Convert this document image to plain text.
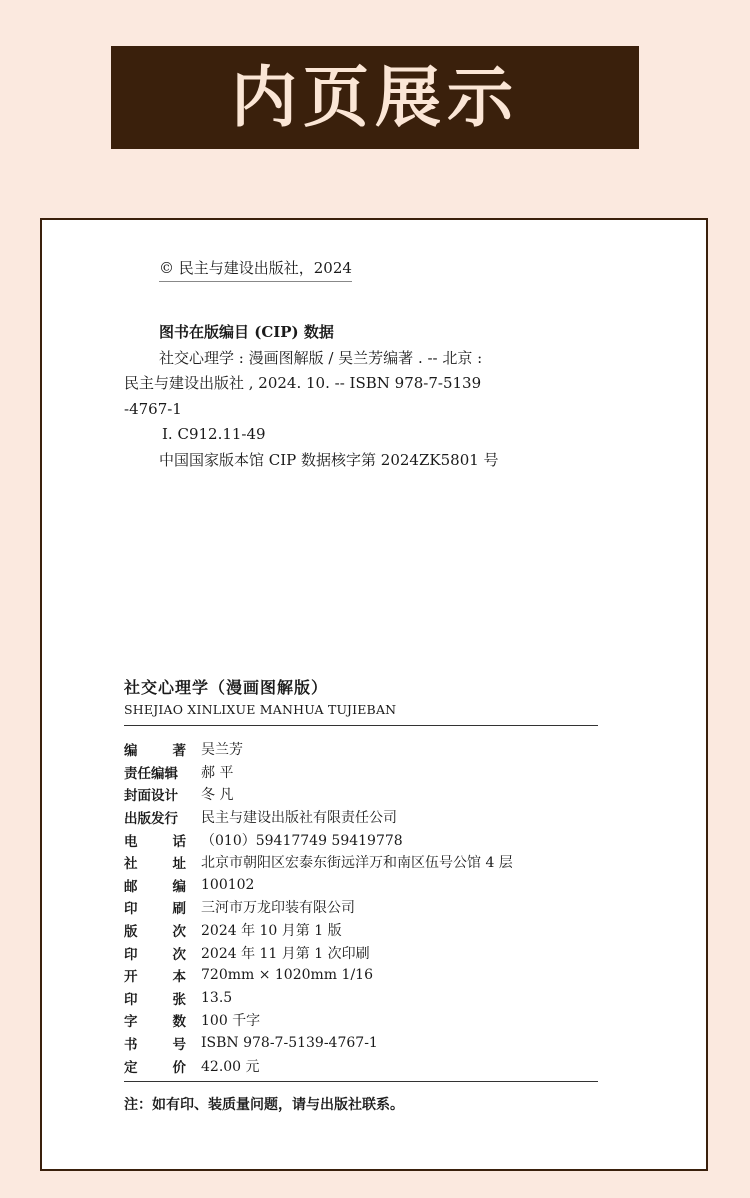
内页展示
© 民主与建设出版社，2024
图书在版编目 (CIP) 数据
社交心理学 : 漫画图解版 / 吴兰芳编著 . -- 北京 :
民主与建设出版社 , 2024. 10. -- ISBN 978-7-5139
-4767-1
Ⅰ. C912.11-49
中国国家版本馆 CIP 数据核字第 2024ZK5801 号
社交心理学（漫画图解版）
SHEJIAO XINLIXUE MANHUA TUJIEBAN
编	著	吴兰芳
责任编辑	郝 平
封面设计	冬 凡
出版发行	民主与建设出版社有限责任公司
电	话	（010）59417749 59419778
社	址	北京市朝阳区宏泰东街远洋万和南区伍号公馆 4 层
邮	编	100102
印	刷	三河市万龙印装有限公司
版	次	2024 年 10 月第 1 版
印	次	2024 年 11 月第 1 次印刷
开	本	720mm × 1020mm 1/16
印	张	13.5
字	数	100 千字
书	号	ISBN 978-7-5139-4767-1
定	价	42.00 元
注：如有印、装质量问题，请与出版社联系。
